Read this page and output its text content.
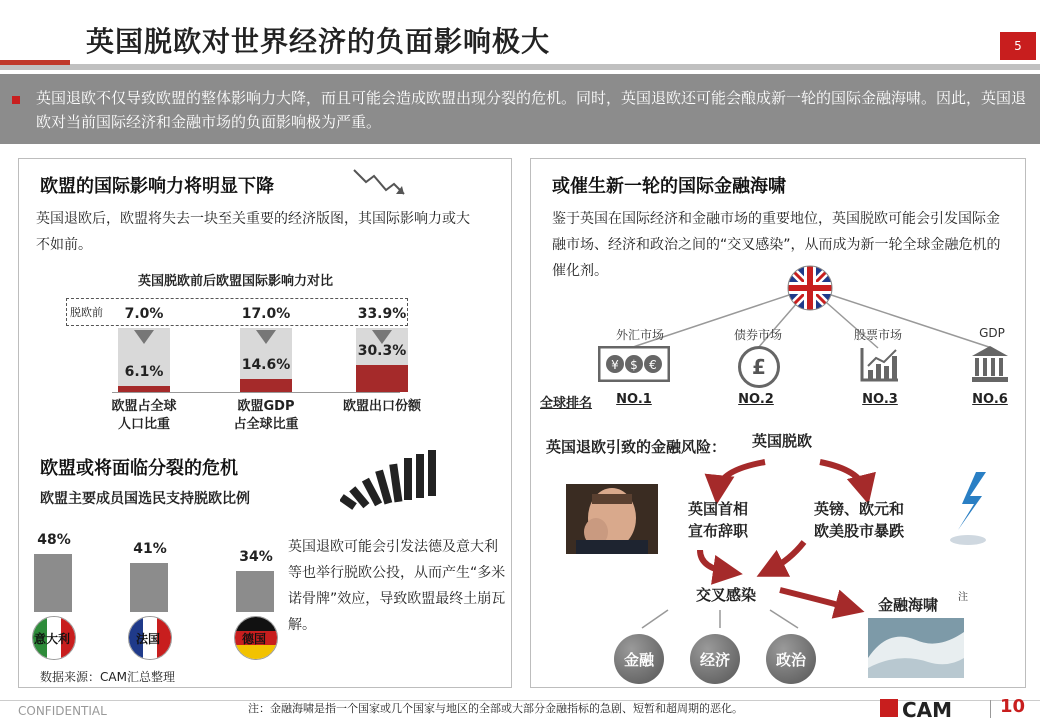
英国脱欧对世界经济的负面影响极大	5
英国退欧不仅导致欧盟的整体影响力大降，而且可能会造成欧盟出现分裂的危机。同时，英国退欧还可能会酿成新一轮的国际金融海啸。因此，英国退欧对当前国际经济和金融市场的负面影响极为严重。
欧盟的国际影响力将明显下降
英国退欧后，欧盟将失去一块至关重要的经济版图，其国际影响力或大不如前。
英国脱欧前后欧盟国际影响力对比
脱欧前
欧盟或将面临分裂的危机
欧盟主要成员国选民支持脱欧比例
英国退欧可能会引发法德及意大利等也举行脱欧公投，从而产生“多米诺骨牌”效应，导致欧盟最终土崩瓦解。
数据来源：CAM汇总整理
或催生新一轮的国际金融海啸
鉴于英国在国际经济和金融市场的重要地位，英国脱欧可能会引发国际金融市场、经济和政治之间的“交叉感染”，从而成为新一轮全球金融危机的催化剂。
外汇市场	债券市场	股票市场	GDP
¥ $ €	£
全球排名	NO.1	NO.2	NO.3	NO.6
英国退欧引致的金融风险： 英国脱欧
英国首相
宣布辞职
英镑、欧元和
欧美股市暴跌
交叉感染
金融海啸 注
金融	经济	政治
CONFIDENTIAL	注：金融海啸是指一个国家或几个国家与地区的全部或大部分金融指标的急剧、短暂和超周期的恶化。	CAM	10
7.0%
6.1%
欧盟占全球
人口比重
17.0%
14.6%
欧盟GDP
占全球比重
33.9%
30.3%
欧盟出口份额
48%
意大利
41%
法国
34%
德国
